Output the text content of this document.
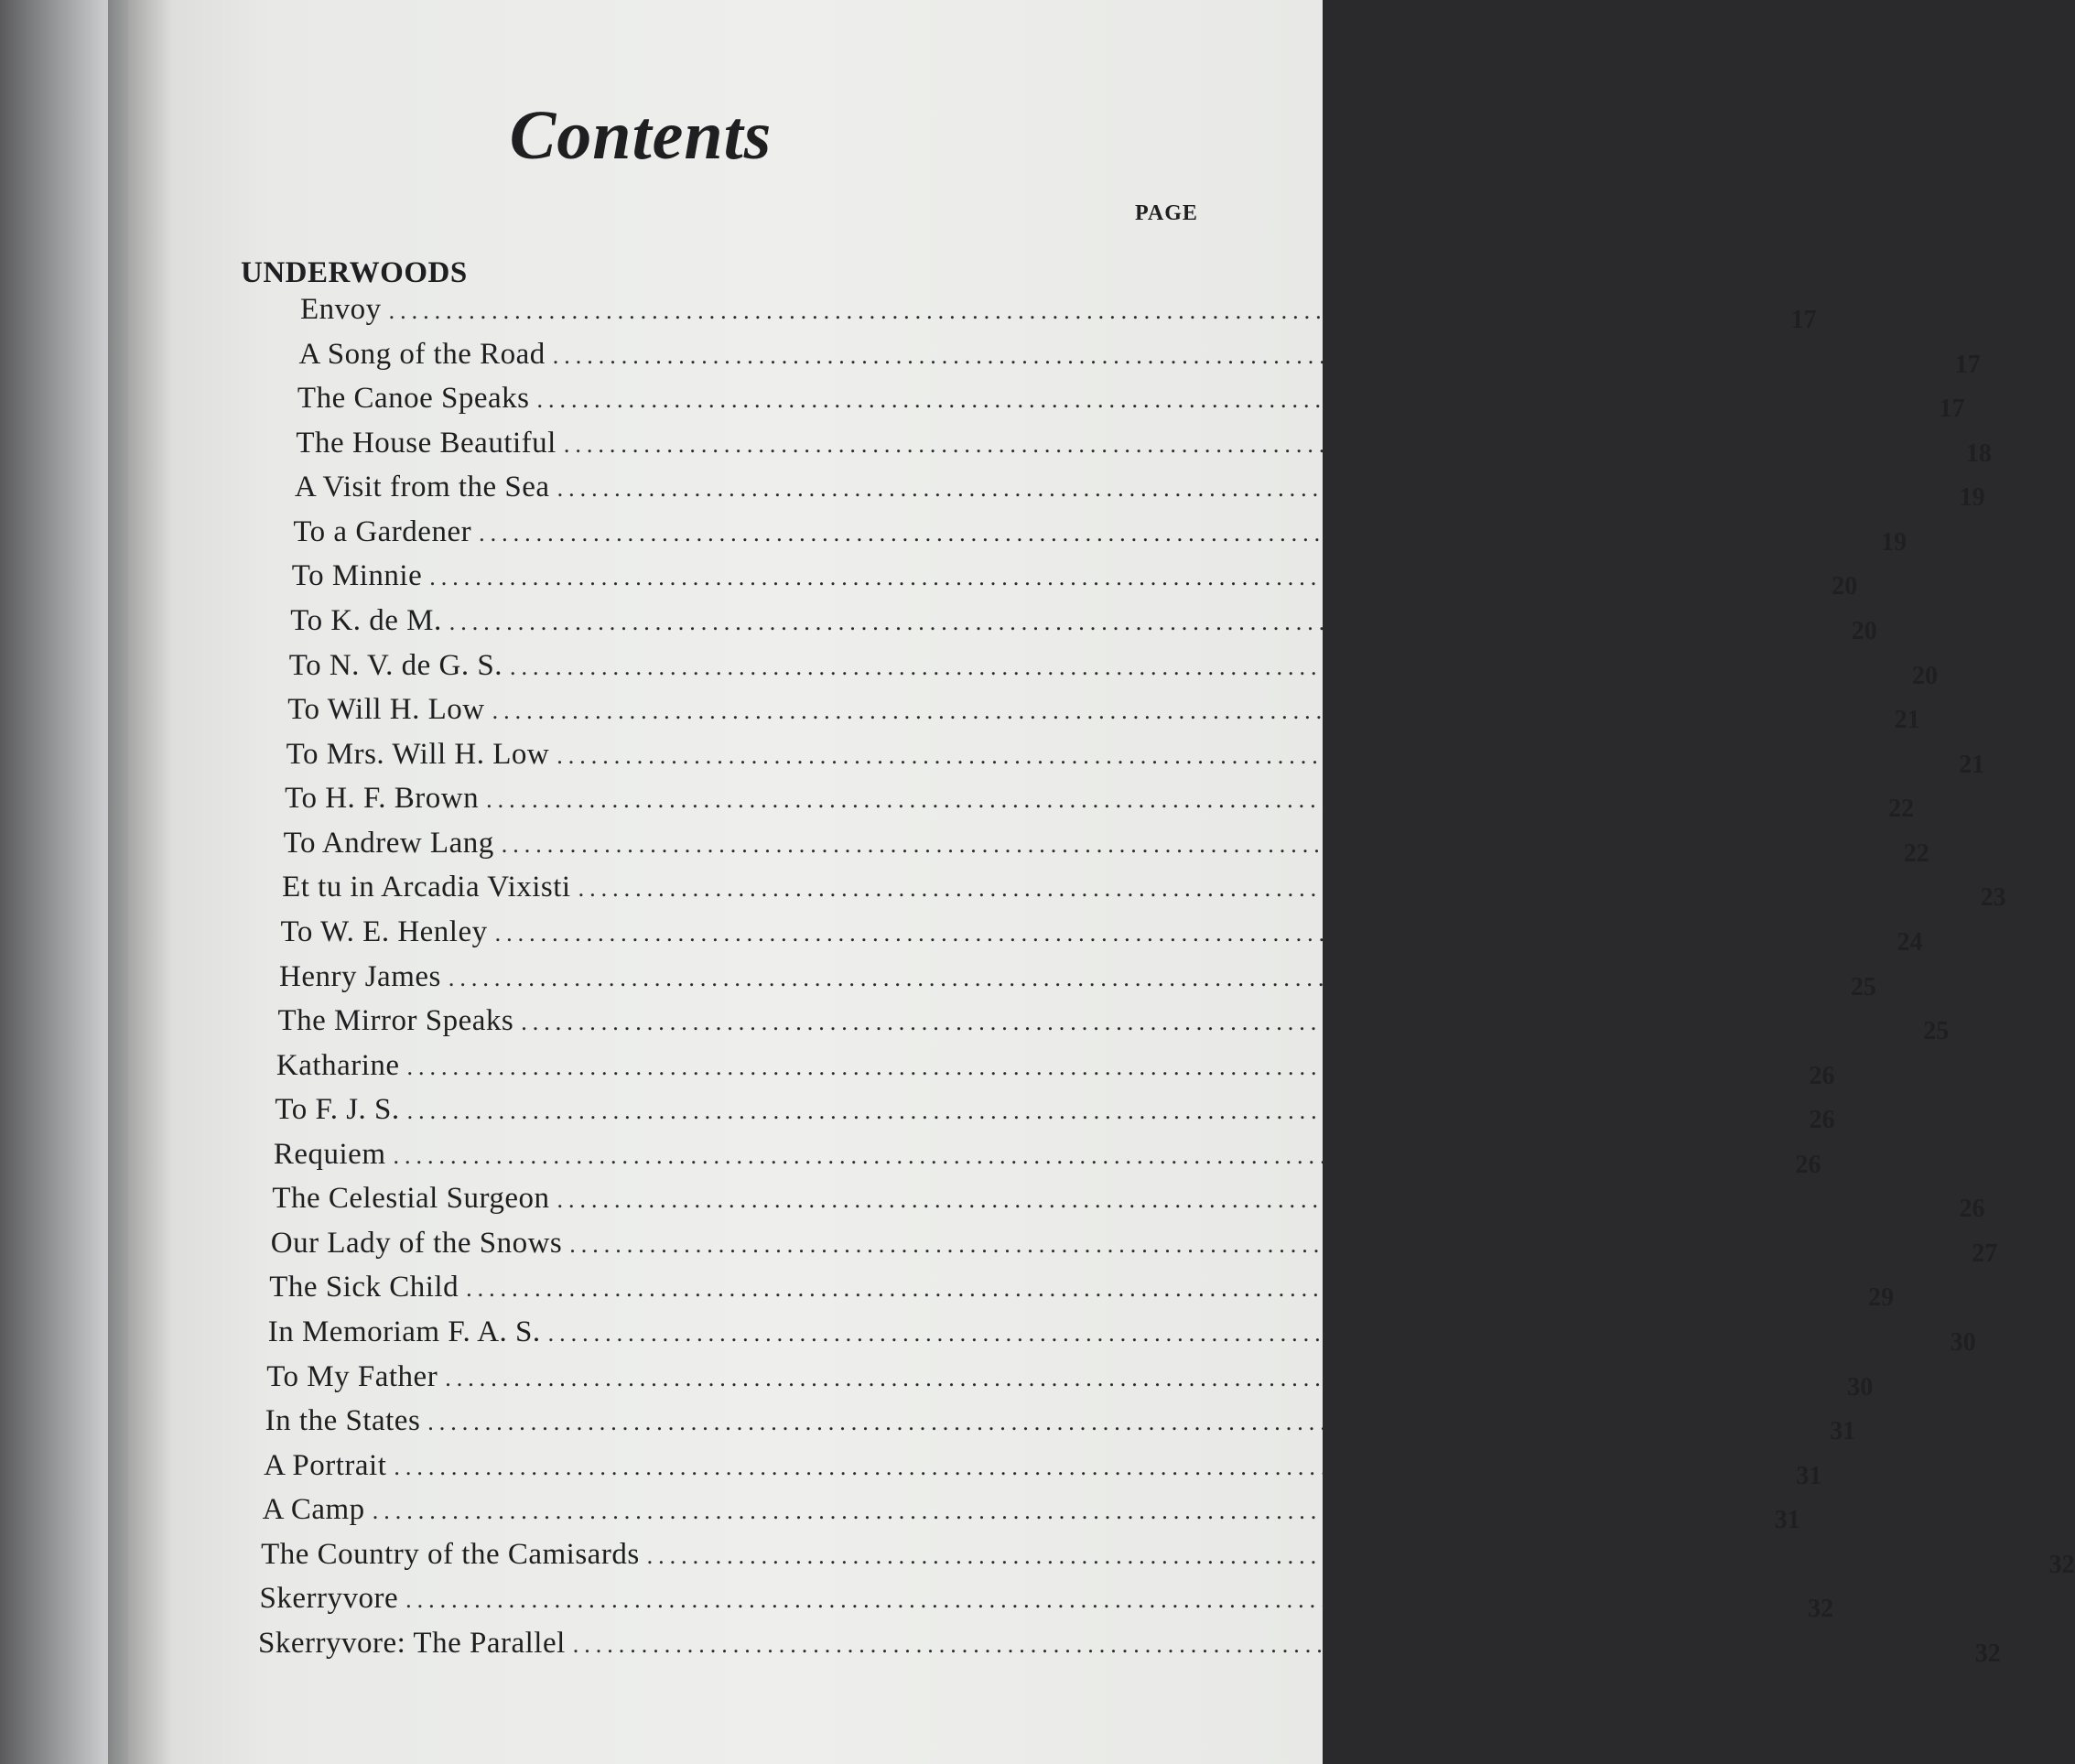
Contents
PAGE
UNDERWOODS
Envoy ........................................................................................................................	17
A Song of the Road ........................................................................................................................	17
The Canoe Speaks ........................................................................................................................	17
The House Beautiful ........................................................................................................................	18
A Visit from the Sea ........................................................................................................................	19
To a Gardener ........................................................................................................................	19
To Minnie ........................................................................................................................	20
To K. de M. ........................................................................................................................	20
To N. V. de G. S. ........................................................................................................................	20
To Will H. Low ........................................................................................................................	21
To Mrs. Will H. Low ........................................................................................................................	21
To H. F. Brown ........................................................................................................................	22
To Andrew Lang ........................................................................................................................	22
Et tu in Arcadia Vixisti ........................................................................................................................	23
To W. E. Henley ........................................................................................................................	24
Henry James ........................................................................................................................	25
The Mirror Speaks ........................................................................................................................	25
Katharine ........................................................................................................................	26
To F. J. S. ........................................................................................................................	26
Requiem ........................................................................................................................	26
The Celestial Surgeon ........................................................................................................................	26
Our Lady of the Snows ........................................................................................................................	27
The Sick Child ........................................................................................................................	29
In Memoriam F. A. S. ........................................................................................................................	30
To My Father ........................................................................................................................	30
In the States ........................................................................................................................	31
A Portrait ........................................................................................................................	31
A Camp ........................................................................................................................	31
The Country of the Camisards ........................................................................................................................	32
Skerryvore ........................................................................................................................	32
Skerryvore: The Parallel ........................................................................................................................	32
